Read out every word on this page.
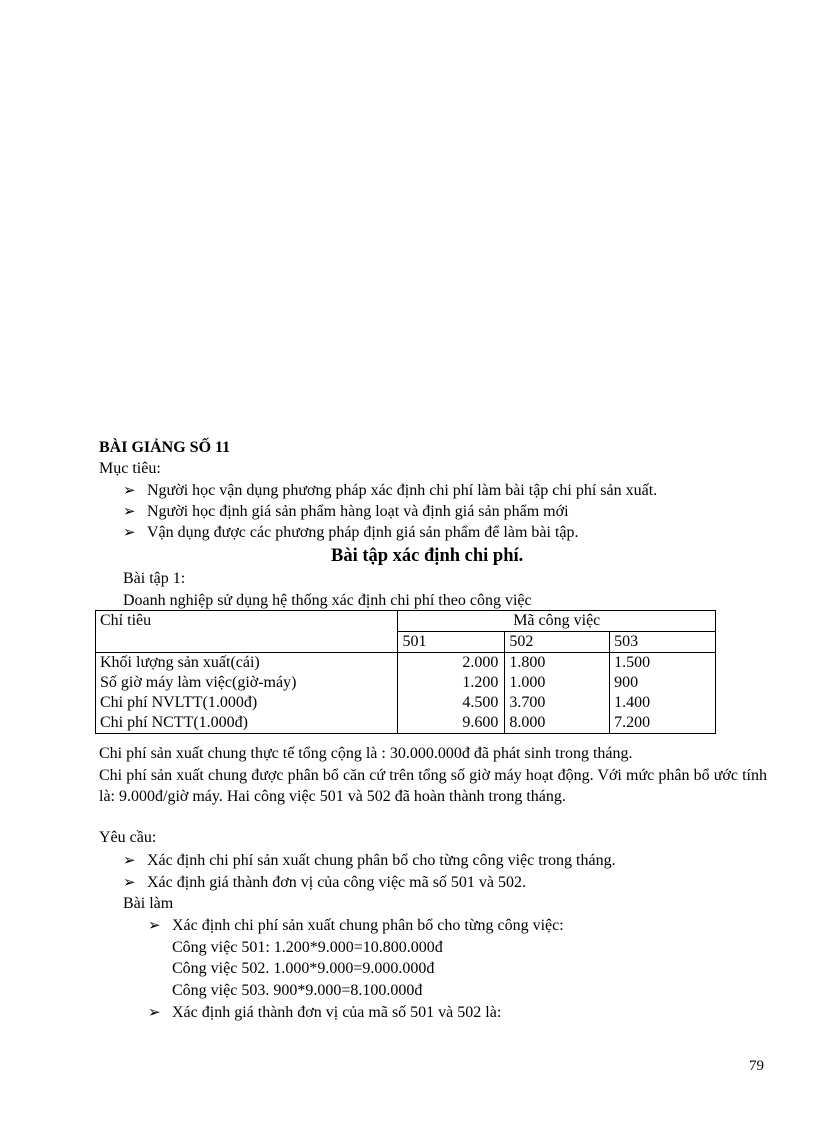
BÀI GIẢNG SỐ 11
Mục tiêu:
➢ Người học vận dụng phương pháp xác định chi phí làm bài tập chi phí sản xuất.
➢ Người học định giá sản phẩm hàng loạt và định giá sản phẩm mới
➢ Vận dụng được các phương pháp định giá sản phẩm để làm bài tập.
Bài tập xác định chi phí.
Bài tập 1:
Doanh nghiệp sử dụng hệ thống xác định chi phí theo công việc
Chỉ tiêu	Mã công việc		
	501	502	503
Khối lượng sản xuất(cái)	2.000	1.800	1.500
Số giờ máy làm việc(giờ-máy)	1.200	1.000	900
Chi phí NVLTT(1.000đ)	4.500	3.700	1.400
Chi phí NCTT(1.000đ)	9.600	8.000	7.200
Chi phí sản xuất chung thực tế tổng cộng là : 30.000.000đ đã phát sinh trong tháng.
Chi phí sản xuất chung được phân bổ căn cứ trên tổng số giờ máy hoạt động. Với mức phân bổ ước tính là: 9.000đ/giờ máy. Hai công việc 501 và 502 đã hoàn thành trong tháng.
Yêu cầu:
➢ Xác định chi phí sản xuất chung phân bổ cho từng công việc trong tháng.
➢ Xác định giá thành đơn vị của công việc mã số 501 và 502.
Bài làm
➢ Xác định chi phí sản xuất chung phân bổ cho từng công việc:
Công việc 501: 1.200*9.000=10.800.000đ
Công việc 502. 1.000*9.000=9.000.000đ
Công việc 503. 900*9.000=8.100.000đ
➢ Xác định giá thành đơn vị của mã số 501 và 502 là:
79
